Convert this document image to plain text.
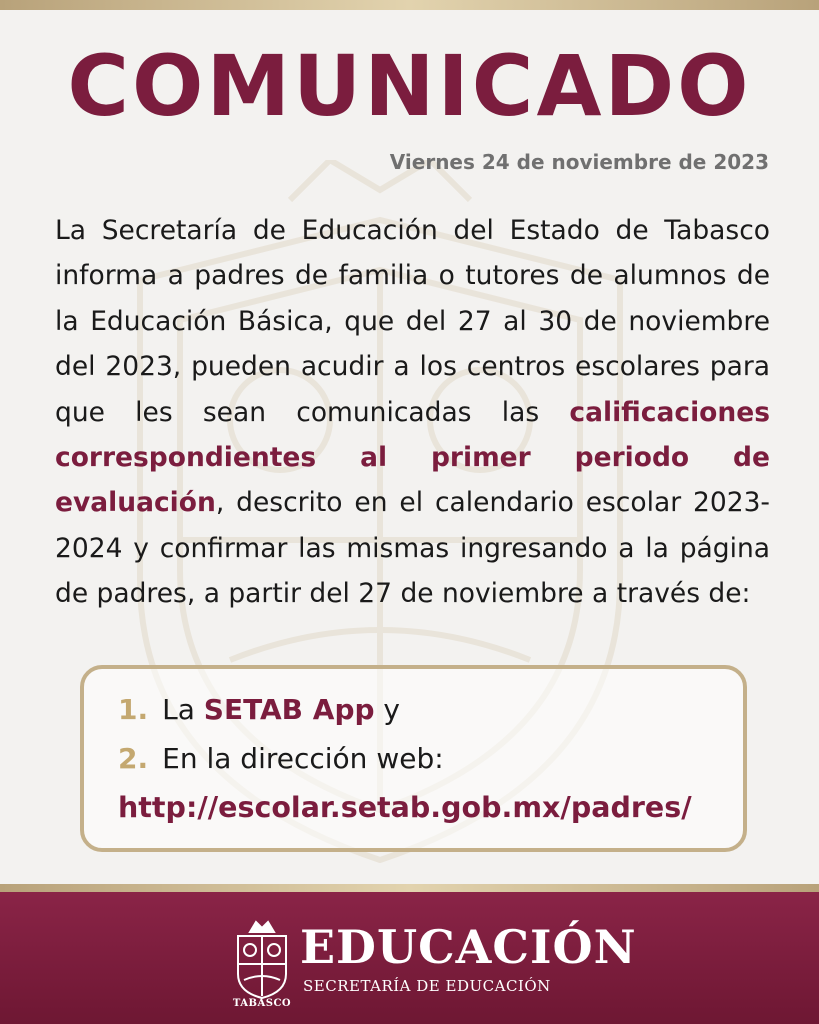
COMUNICADO
Viernes 24 de noviembre de 2023
La Secretaría de Educación del Estado de Tabasco informa a padres de familia o tutores de alumnos de la Educación Básica, que del 27 al 30 de noviembre del 2023, pueden acudir a los centros escolares para que les sean comunicadas las calificaciones correspondientes al primer periodo de evaluación, descrito en el calendario escolar 2023-2024 y confirmar las mismas ingresando a la página de padres, a partir del 27 de noviembre a través de:
1. La SETAB App y
2. En la dirección web:
http://escolar.setab.gob.mx/padres/
TABASCO
EDUCACIÓN
SECRETARÍA DE EDUCACIÓN
